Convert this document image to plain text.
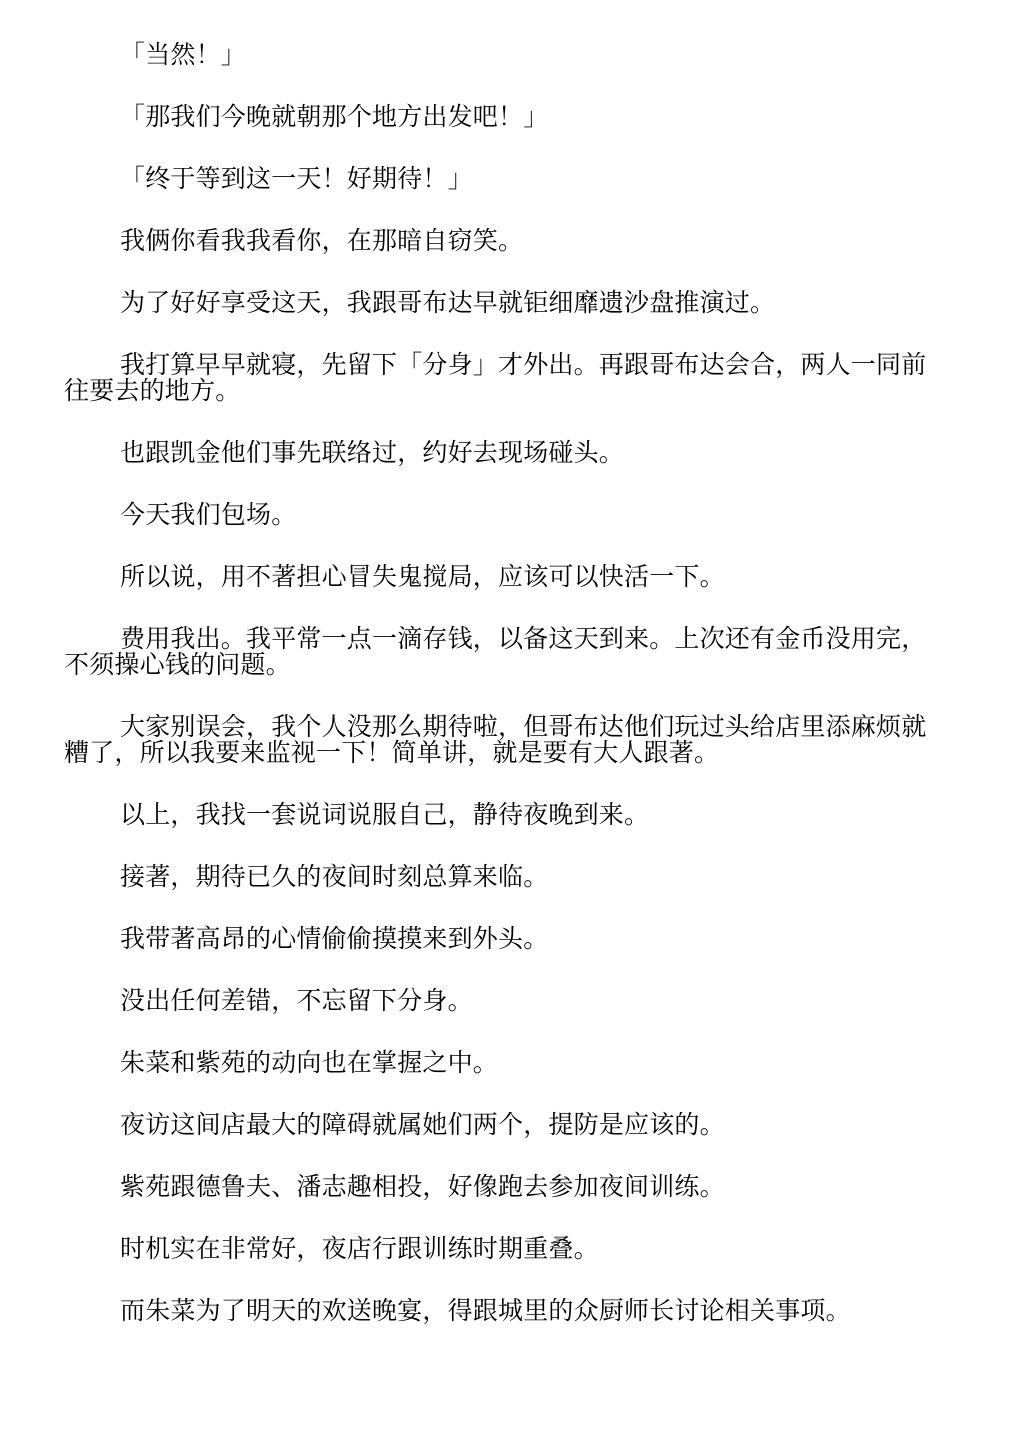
「当然！」

「那我们今晚就朝那个地方出发吧！」

「终于等到这一天！好期待！」

我俩你看我我看你，在那暗自窃笑。

为了好好享受这天，我跟哥布达早就钜细靡遗沙盘推演过。

我打算早早就寝，先留下「分身」才外出。再跟哥布达会合，两人一同前往要去的地方。

也跟凯金他们事先联络过，约好去现场碰头。

今天我们包场。

所以说，用不著担心冒失鬼搅局，应该可以快活一下。

费用我出。我平常一点一滴存钱，以备这天到来。上次还有金币没用完，不须操心钱的问题。

大家别误会，我个人没那么期待啦，但哥布达他们玩过头给店里添麻烦就糟了，所以我要来监视一下！简单讲，就是要有大人跟著。

以上，我找一套说词说服自己，静待夜晚到来。

接著，期待已久的夜间时刻总算来临。

我带著高昂的心情偷偷摸摸来到外头。

没出任何差错，不忘留下分身。

朱菜和紫苑的动向也在掌握之中。

夜访这间店最大的障碍就属她们两个，提防是应该的。

紫苑跟德鲁夫、潘志趣相投，好像跑去参加夜间训练。

时机实在非常好，夜店行跟训练时期重叠。

而朱菜为了明天的欢送晚宴，得跟城里的众厨师长讨论相关事项。
